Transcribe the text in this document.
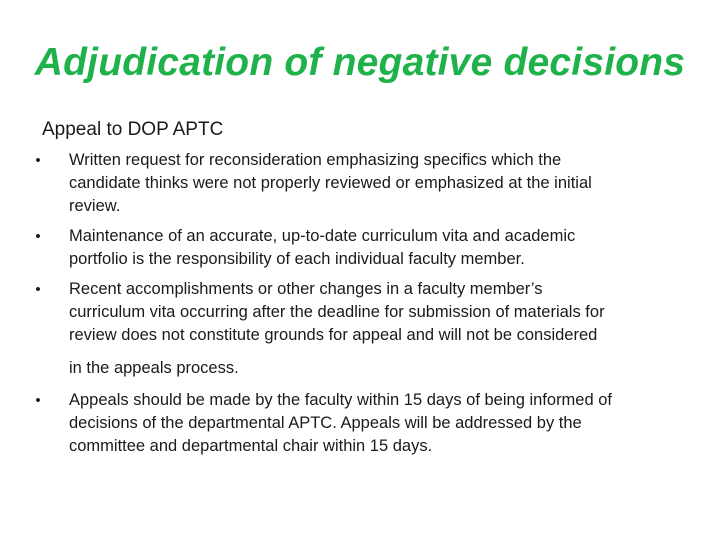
Adjudication of negative decisions
Appeal to DOP APTC
•	Written request for reconsideration emphasizing specifics which the
candidate thinks were not properly reviewed or emphasized at the initial
review.
•	Maintenance of an accurate, up-to-date curriculum vita and academic
portfolio is the responsibility of each individual faculty member.
•	Recent accomplishments or other changes in a faculty member’s
curriculum vita occurring after the deadline for submission of materials for
review does not constitute grounds for appeal and will not be considered
in the appeals process.
•	Appeals should be made by the faculty within 15 days of being informed of
decisions of the departmental APTC. Appeals will be addressed by the
committee and departmental chair within 15 days.
